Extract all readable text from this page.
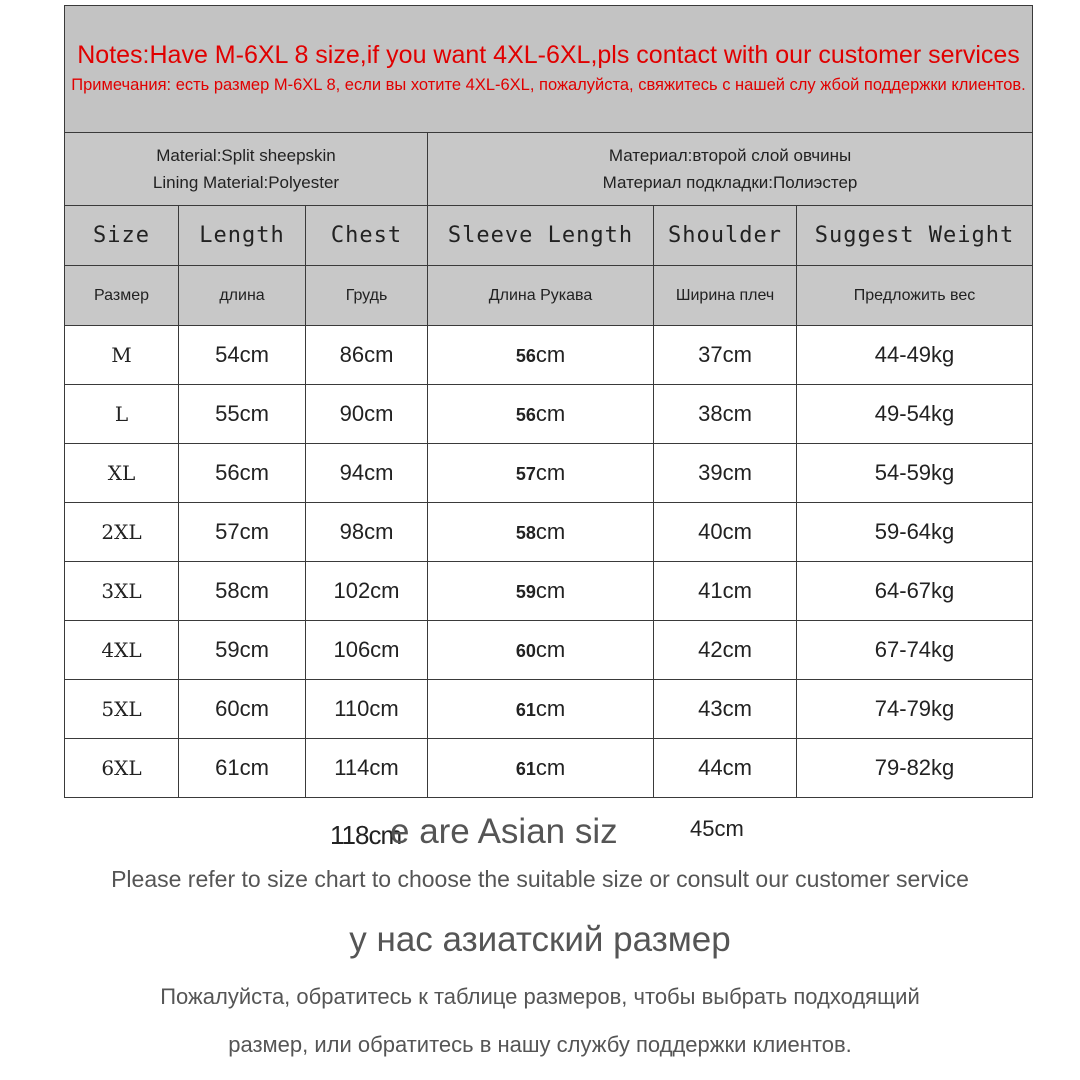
Notes:Have M-6XL 8 size,if you want 4XL-6XL,pls contact with our customer services
Примечания: есть размер M-6XL 8, если вы хотите 4XL-6XL, пожалуйста, свяжитесь с нашей слу жбой поддержки клиентов.					

Material:Split sheepskin
Lining Material:Polyester			Материал:второй слой овчины
Материал подкладки:Полиэстер		

Size	Length	Chest	Sleeve Length	Shoulder	Suggest Weight
Размер	длина	Грудь	Длина Рукава	Ширина плеч	Предложить вес
M	54cm	86cm	56cm	37cm	44-49kg
L	55cm	90cm	56cm	38cm	49-54kg
XL	56cm	94cm	57cm	39cm	54-59kg
2XL	57cm	98cm	58cm	40cm	59-64kg
3XL	58cm	102cm	59cm	41cm	64-67kg
4XL	59cm	106cm	60cm	42cm	67-74kg
5XL	60cm	110cm	61cm	43cm	74-79kg
6XL	61cm	114cm	61cm	44cm	79-82kg
118cm
e are Asian siz	45cm
Please refer to size chart to choose the suitable size or consult our customer service
у нас азиатский размер
Пожалуйста, обратитесь к таблице размеров, чтобы выбрать подходящий
размер, или обратитесь в нашу службу поддержки клиентов.
